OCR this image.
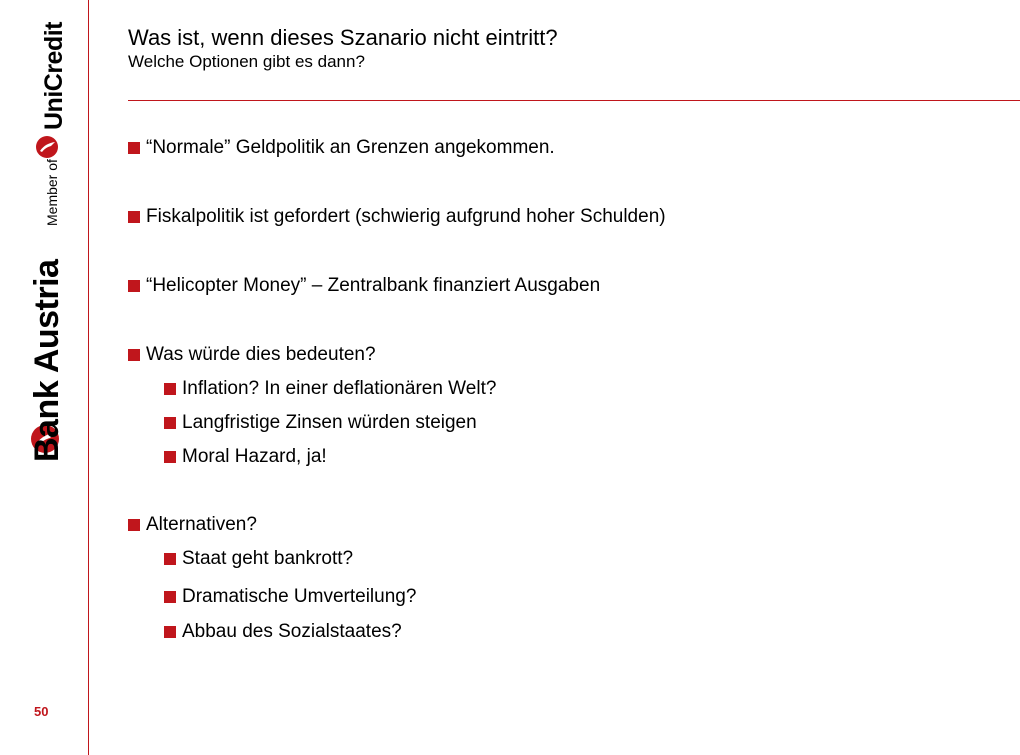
Bank Austria
Member of
UniCredit
50
Was ist, wenn dieses Szanario nicht eintritt?
Welche Optionen gibt es dann?
“Normale” Geldpolitik an Grenzen angekommen.
Fiskalpolitik ist gefordert (schwierig aufgrund hoher Schulden)
“Helicopter Money” – Zentralbank finanziert Ausgaben
Was würde dies bedeuten?
Inflation? In einer deflationären Welt?
Langfristige Zinsen würden steigen
Moral Hazard, ja!
Alternativen?
Staat geht bankrott?
Dramatische Umverteilung?
Abbau des Sozialstaates?
